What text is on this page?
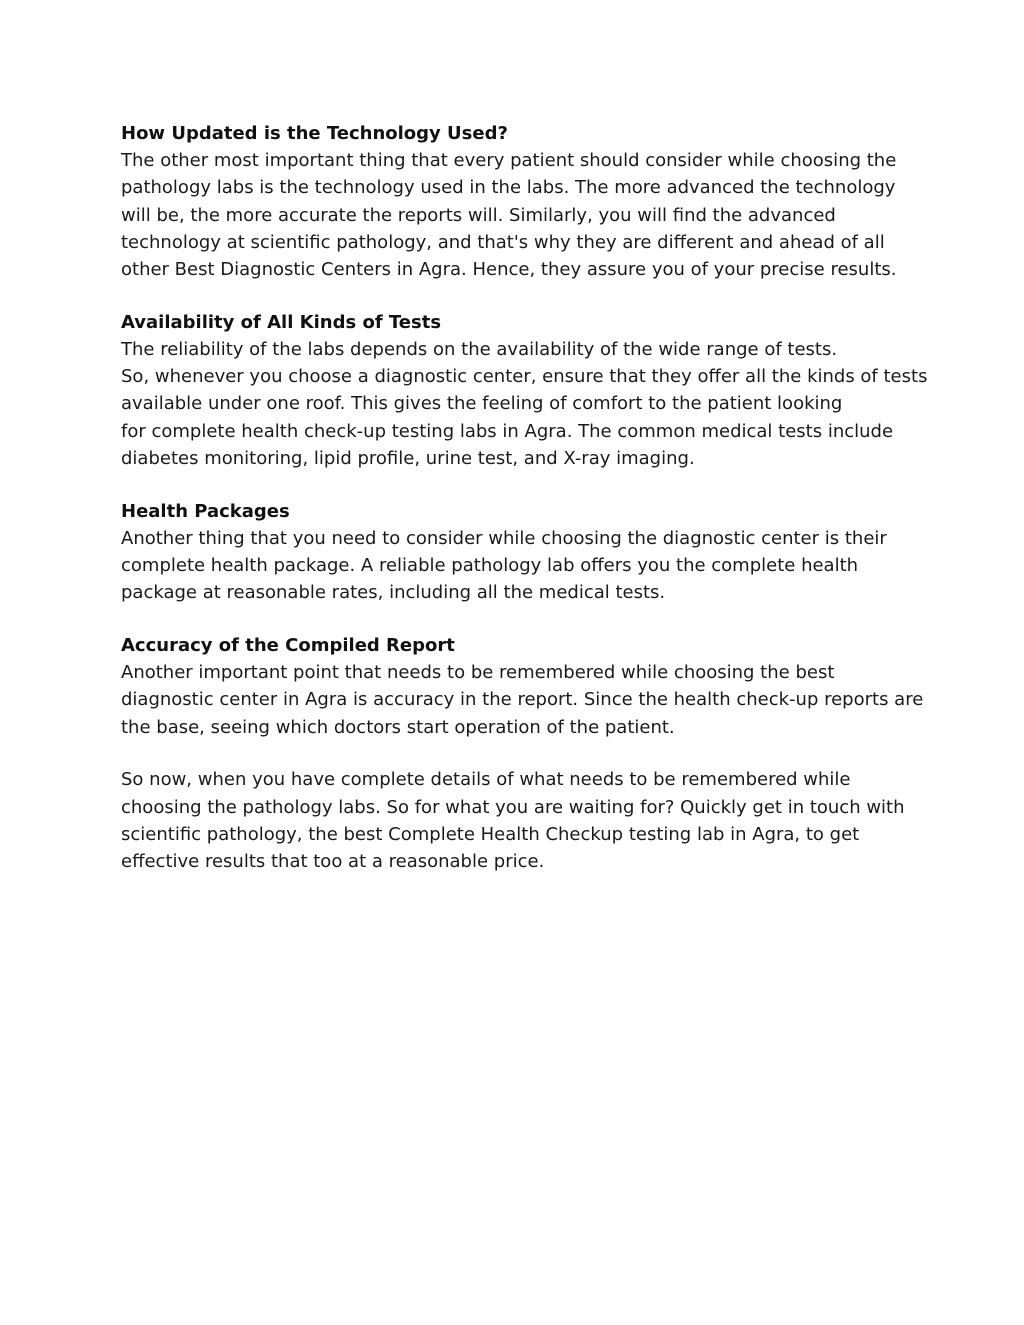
How Updated is the Technology Used?
The other most important thing that every patient should consider while choosing the
pathology labs is the technology used in the labs. The more advanced the technology
will be, the more accurate the reports will. Similarly, you will find the advanced
technology at scientific pathology, and that's why they are different and ahead of all
other Best Diagnostic Centers in Agra. Hence, they assure you of your precise results.
Availability of All Kinds of Tests
The reliability of the labs depends on the availability of the wide range of tests.
So, whenever you choose a diagnostic center, ensure that they offer all the kinds of tests
available under one roof. This gives the feeling of comfort to the patient looking
for complete health check-up testing labs in Agra. The common medical tests include
diabetes monitoring, lipid profile, urine test, and X-ray imaging.
Health Packages
Another thing that you need to consider while choosing the diagnostic center is their
complete health package. A reliable pathology lab offers you the complete health
package at reasonable rates, including all the medical tests.
Accuracy of the Compiled Report
Another important point that needs to be remembered while choosing the best
diagnostic center in Agra is accuracy in the report. Since the health check-up reports are
the base, seeing which doctors start operation of the patient.
So now, when you have complete details of what needs to be remembered while
choosing the pathology labs. So for what you are waiting for? Quickly get in touch with
scientific pathology, the best Complete Health Checkup testing lab in Agra, to get
effective results that too at a reasonable price.
